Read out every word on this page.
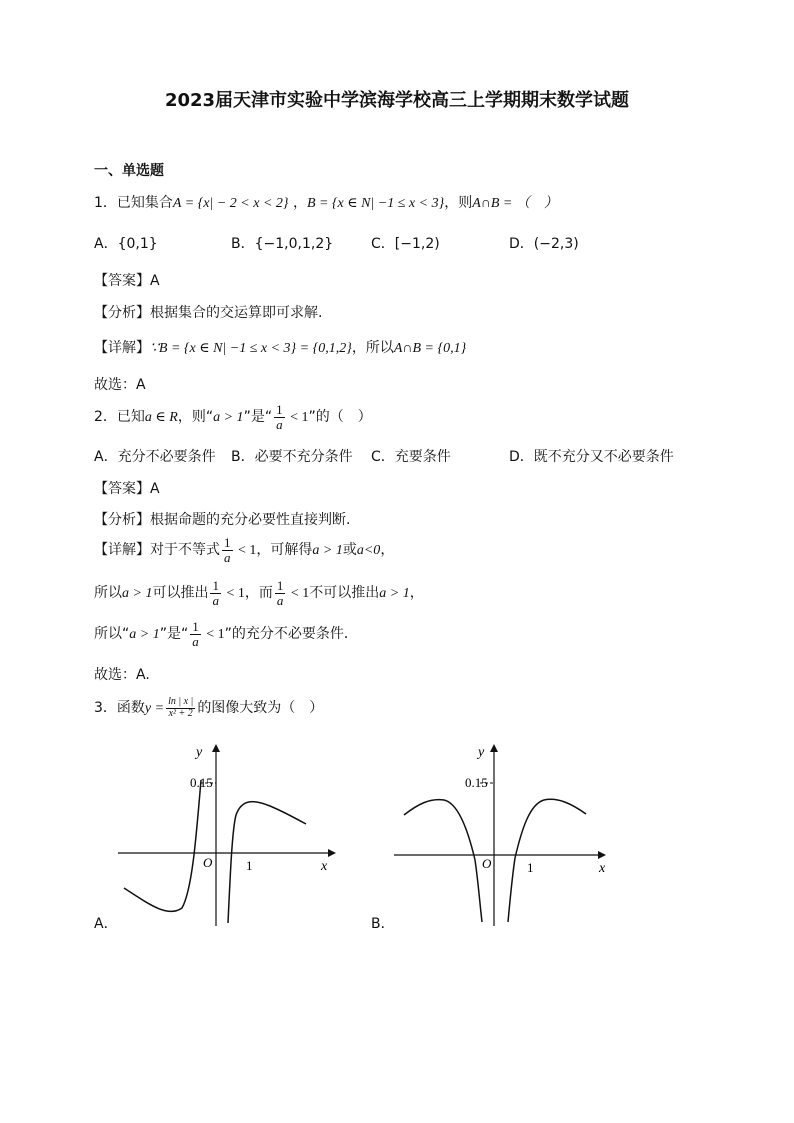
2023届天津市实验中学滨海学校高三上学期期末数学试题
一、单选题
1．已知集合A = {x| − 2 < x < 2} ，B = {x ∈ N| −1 ≤ x < 3}，则A∩B = （　）
A．{0,1}	B．{−1,0,1,2}	C．[−1,2)	D．(−2,3)
【答案】A
【分析】根据集合的交运算即可求解.
【详解】∵B = {x ∈ N| −1 ≤ x < 3} = {0,1,2}，所以A∩B = {0,1}
故选：A
2．已知a ∈ R，则“a > 1”是“ $\frac{1}{a} < 1$”的（　）
A．充分不必要条件 B．必要不充分条件 C．充要条件	D．既不充分又不必要条件
【答案】A
【分析】根据命题的充分必要性直接判断.
【详解】对于不等式 $\frac{1}{a} < 1$，可解得a > 1或a<0，
所以a > 1可以推出 $\frac{1}{a} < 1$，而 $\frac{1}{a} < 1$不可以推出a > 1，
所以“a > 1”是“ $\frac{1}{a} < 1$”的充分不必要条件．
故选：A.
3．函数$y = \frac{\ln | x |}{\text{x² + 2}}$ 的图像大致为（　）
y
0.15
O	1	x
A．
y
0.15
O	1	x
B．
